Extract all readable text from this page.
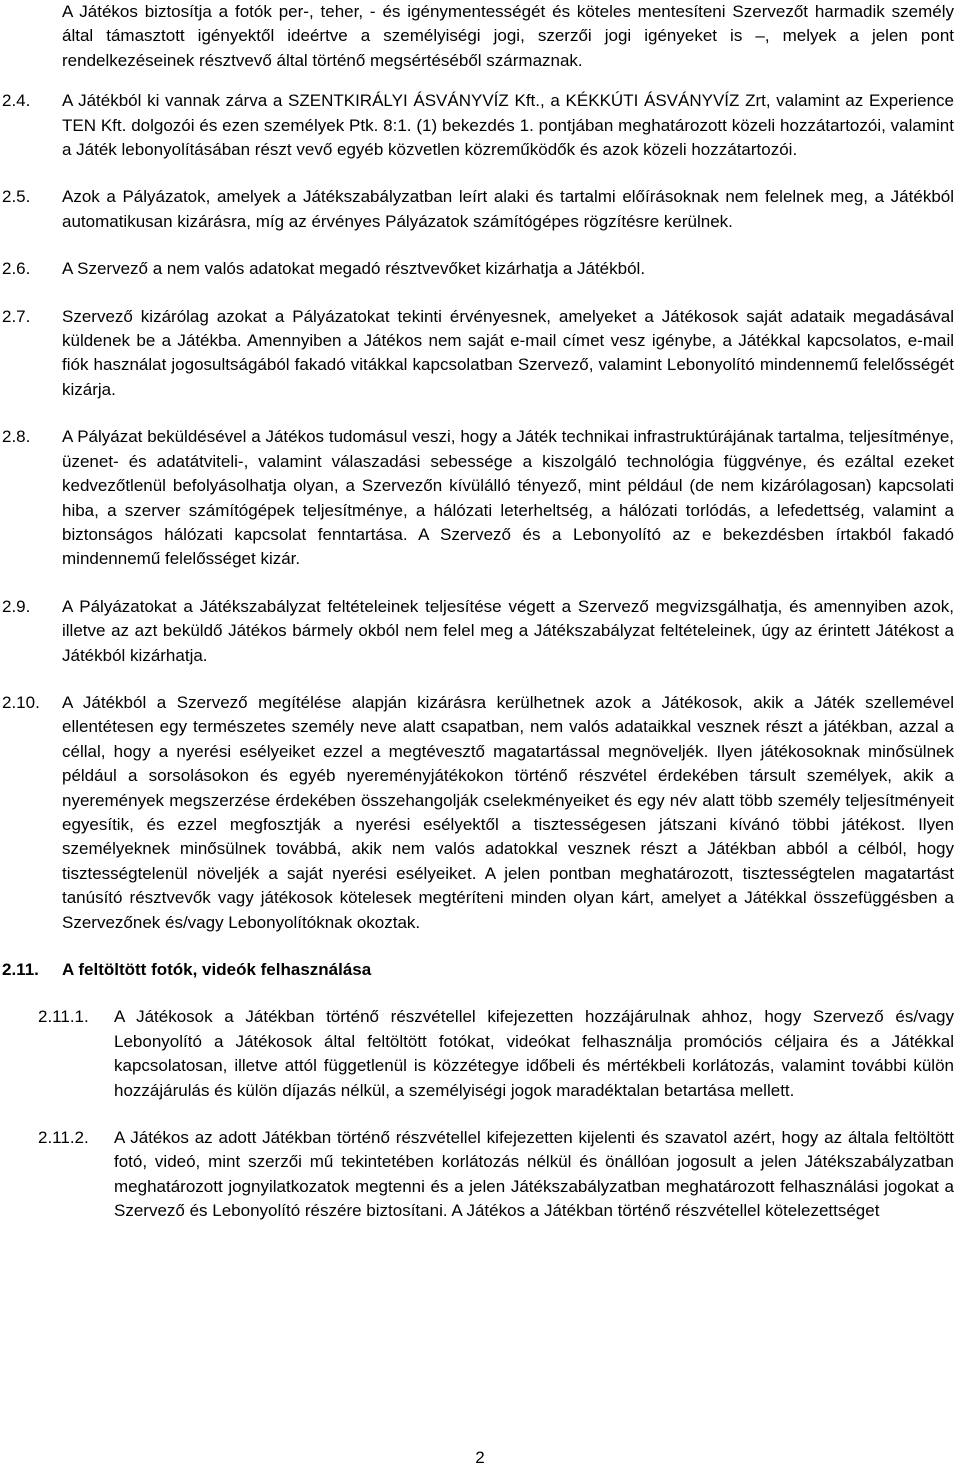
A Játékos biztosítja a fotók per-, teher, - és igénymentességét és köteles mentesíteni Szervezőt harmadik személy által támasztott igényektől ideértve a személyiségi jogi, szerzői jogi igényeket is –, melyek a jelen pont rendelkezéseinek résztvevő által történő megsértéséből származnak.

2.4.	A Játékból ki vannak zárva a SZENTKIRÁLYI ÁSVÁNYVÍZ Kft., a KÉKKÚTI ÁSVÁNYVÍZ Zrt, valamint az Experience TEN Kft. dolgozói és ezen személyek Ptk. 8:1. (1) bekezdés 1. pontjában meghatározott közeli hozzátartozói, valamint a Játék lebonyolításában részt vevő egyéb közvetlen közreműködők és azok közeli hozzátartozói.
2.5.	Azok a Pályázatok, amelyek a Játékszabályzatban leírt alaki és tartalmi előírásoknak nem felelnek meg, a Játékból automatikusan kizárásra, míg az érvényes Pályázatok számítógépes rögzítésre kerülnek.
2.6.	A Szervező a nem valós adatokat megadó résztvevőket kizárhatja a Játékból.
2.7.	Szervező kizárólag azokat a Pályázatokat tekinti érvényesnek, amelyeket a Játékosok saját adataik megadásával küldenek be a Játékba. Amennyiben a Játékos nem saját e-mail címet vesz igénybe, a Játékkal kapcsolatos, e-mail fiók használat jogosultságából fakadó vitákkal kapcsolatban Szervező, valamint Lebonyolító mindennemű felelősségét kizárja.
2.8.	A Pályázat beküldésével a Játékos tudomásul veszi, hogy a Játék technikai infrastruktúrájának tartalma, teljesítménye, üzenet- és adatátviteli-, valamint válaszadási sebessége a kiszolgáló technológia függvénye, és ezáltal ezeket kedvezőtlenül befolyásolhatja olyan, a Szervezőn kívülálló tényező, mint például (de nem kizárólagosan) kapcsolati hiba, a szerver számítógépek teljesítménye, a hálózati leterheltség, a hálózati torlódás, a lefedettség, valamint a biztonságos hálózati kapcsolat fenntartása. A Szervező és a Lebonyolító az e bekezdésben írtakból fakadó mindennemű felelősséget kizár.
2.9.	A Pályázatokat a Játékszabályzat feltételeinek teljesítése végett a Szervező megvizsgálhatja, és amennyiben azok, illetve az azt beküldő Játékos bármely okból nem felel meg a Játékszabályzat feltételeinek, úgy az érintett Játékost a Játékból kizárhatja.
2.10.	A Játékból a Szervező megítélése alapján kizárásra kerülhetnek azok a Játékosok, akik a Játék szellemével ellentétesen egy természetes személy neve alatt csapatban, nem valós adataikkal vesznek részt a játékban, azzal a céllal, hogy a nyerési esélyeiket ezzel a megtévesztő magatartással megnöveljék. Ilyen játékosoknak minősülnek például a sorsolásokon és egyéb nyereményjátékokon történő részvétel érdekében társult személyek, akik a nyeremények megszerzése érdekében összehangolják cselekményeiket és egy név alatt több személy teljesítményeit egyesítik, és ezzel megfosztják a nyerési esélyektől a tisztességesen játszani kívánó többi játékost. Ilyen személyeknek minősülnek továbbá, akik nem valós adatokkal vesznek részt a Játékban abból a célból, hogy tisztességtelenül növeljék a saját nyerési esélyeiket. A jelen pontban meghatározott, tisztességtelen magatartást tanúsító résztvevők vagy játékosok kötelesek megtéríteni minden olyan kárt, amelyet a Játékkal összefüggésben a Szervezőnek és/vagy Lebonyolítóknak okoztak.
2.11.	A feltöltött fotók, videók felhasználása
2.11.1.	A Játékosok a Játékban történő részvétellel kifejezetten hozzájárulnak ahhoz, hogy Szervező és/vagy Lebonyolító a Játékosok által feltöltött fotókat, videókat felhasználja promóciós céljaira és a Játékkal kapcsolatosan, illetve attól függetlenül is közzétegye időbeli és mértékbeli korlátozás, valamint további külön hozzájárulás és külön díjazás nélkül, a személyiségi jogok maradéktalan betartása mellett.
2.11.2.	A Játékos az adott Játékban történő részvétellel kifejezetten kijelenti és szavatol azért, hogy az általa feltöltött fotó, videó, mint szerzői mű tekintetében korlátozás nélkül és önállóan jogosult a jelen Játékszabályzatban meghatározott jognyilatkozatok megtenni és a jelen Játékszabályzatban meghatározott felhasználási jogokat a Szervező és Lebonyolító részére biztosítani. A Játékos a Játékban történő részvétellel kötelezettséget
2
